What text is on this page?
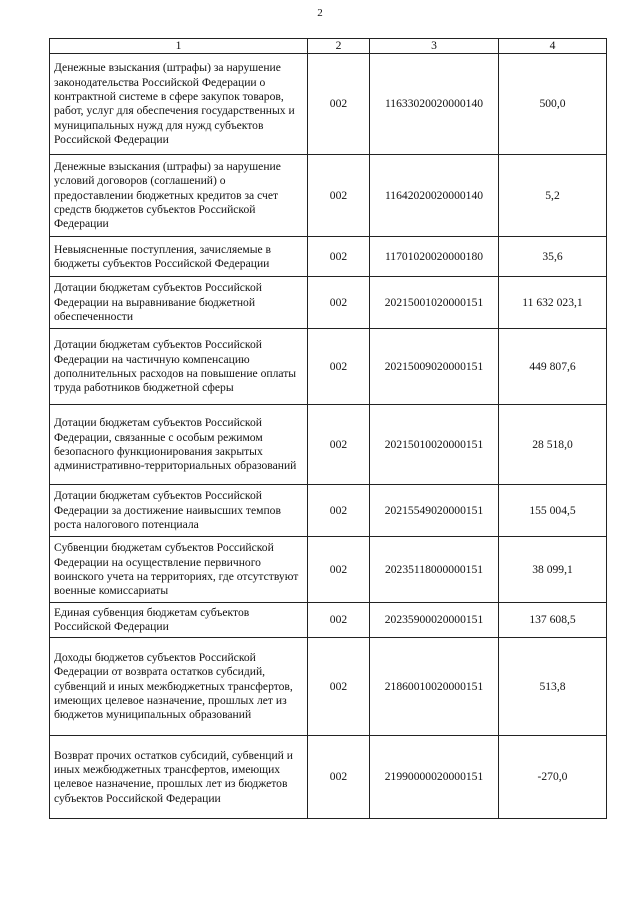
2
1	2	3	4
Денежные взыскания (штрафы) за нарушение законодательства Российской Федерации о контрактной системе в сфере закупок товаров, работ, услуг для обеспечения государственных и муниципальных нужд для нужд субъектов Российской Федерации	002	11633020020000140	500,0
Денежные взыскания (штрафы) за нарушение условий договоров (соглашений) о предоставлении бюджетных кредитов за счет средств бюджетов субъектов Российской Федерации	002	11642020020000140	5,2
Невыясненные поступления, зачисляемые в бюджеты субъектов Российской Федерации	002	11701020020000180	35,6
Дотации бюджетам субъектов Российской Федерации на выравнивание бюджетной обеспеченности	002	20215001020000151	11 632 023,1
Дотации бюджетам субъектов Российской Федерации на частичную компенсацию дополнительных расходов на повышение оплаты труда работников бюджетной сферы	002	20215009020000151	449 807,6
Дотации бюджетам субъектов Российской Федерации, связанные с особым режимом безопасного функционирования закрытых административно-территориальных образований	002	20215010020000151	28 518,0
Дотации бюджетам субъектов Российской Федерации за достижение наивысших темпов роста налогового потенциала	002	20215549020000151	155 004,5
Субвенции бюджетам субъектов Российской Федерации на осуществление первичного воинского учета на территориях, где отсутствуют военные комиссариаты	002	20235118000000151	38 099,1
Единая субвенция бюджетам субъектов Российской Федерации	002	20235900020000151	137 608,5
Доходы бюджетов субъектов Российской Федерации от возврата остатков субсидий, субвенций и иных межбюджетных трансфертов, имеющих целевое назначение, прошлых лет из бюджетов муниципальных образований	002	21860010020000151	513,8
Возврат прочих остатков субсидий, субвенций и иных межбюджетных трансфертов, имеющих целевое назначение, прошлых лет из бюджетов субъектов Российской Федерации	002	21990000020000151	-270,0
